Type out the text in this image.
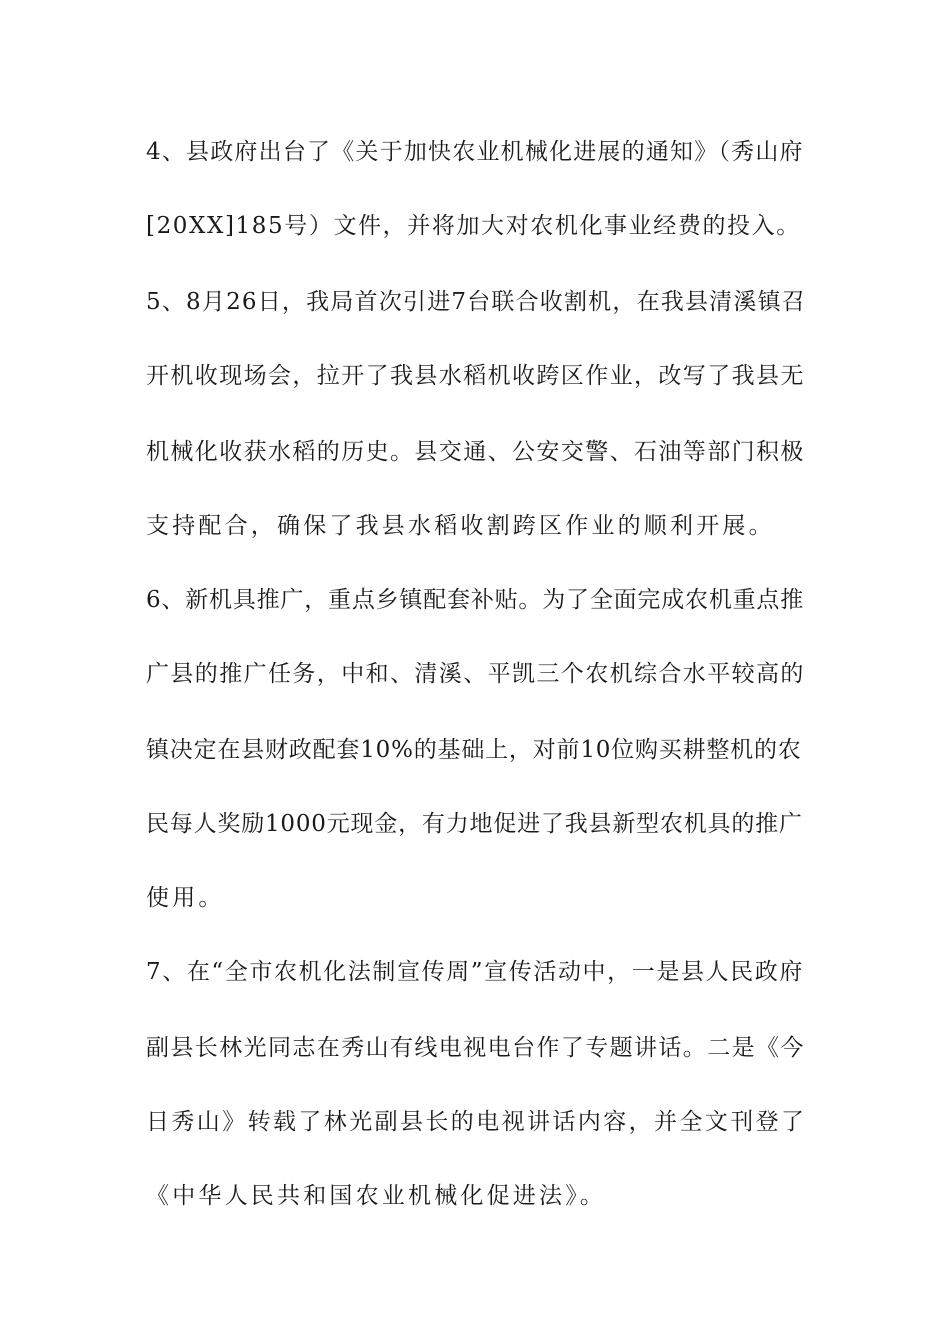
4、县政府出台了《关于加快农业机械化进展的通知》（秀山府
[20XX]185号）文件，并将加大对农机化事业经费的投入。
5、8月26日，我局首次引进7台联合收割机，在我县清溪镇召
开机收现场会，拉开了我县水稻机收跨区作业，改写了我县无
机械化收获水稻的历史。县交通、公安交警、石油等部门积极
支持配合，确保了我县水稻收割跨区作业的顺利开展。
6、新机具推广，重点乡镇配套补贴。为了全面完成农机重点推
广县的推广任务，中和、清溪、平凯三个农机综合水平较高的
镇决定在县财政配套10%的基础上，对前10位购买耕整机的农
民每人奖励1000元现金，有力地促进了我县新型农机具的推广
使用。
7、在“全市农机化法制宣传周”宣传活动中，一是县人民政府
副县长林光同志在秀山有线电视电台作了专题讲话。二是《今
日秀山》转载了林光副县长的电视讲话内容，并全文刊登了
《中华人民共和国农业机械化促进法》。
